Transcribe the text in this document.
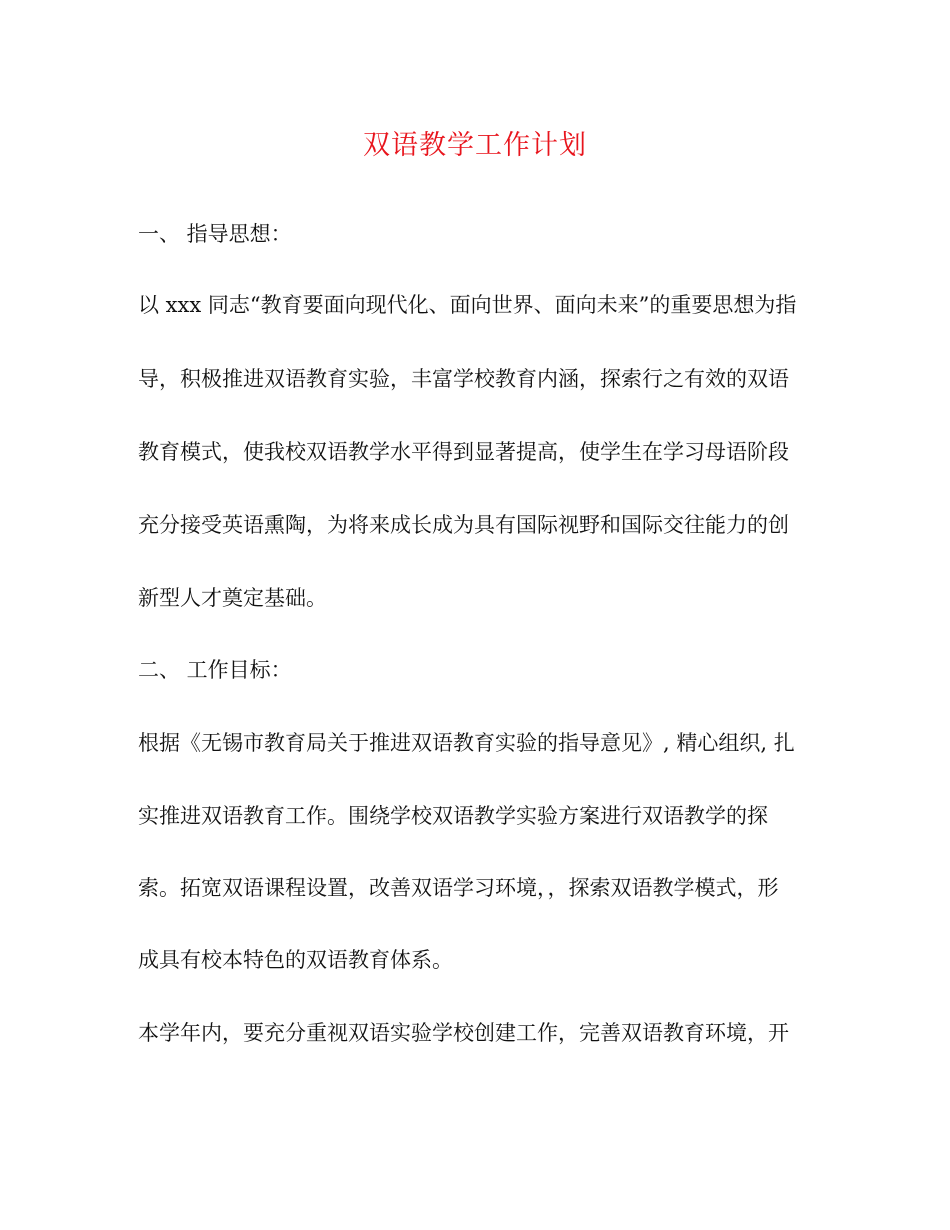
双语教学工作计划
一、 指导思想：
以 xxx 同志“教育要面向现代化、面向世界、面向未来”的重要思想为指
导，积极推进双语教育实验，丰富学校教育内涵，探索行之有效的双语
教育模式，使我校双语教学水平得到显著提高，使学生在学习母语阶段
充分接受英语熏陶，为将来成长成为具有国际视野和国际交往能力的创
新型人才奠定基础。
二、 工作目标：
根据《无锡市教育局关于推进双语教育实验的指导意见》, 精心组织, 扎
实推进双语教育工作。围绕学校双语教学实验方案进行双语教学的探
索。拓宽双语课程设置，改善双语学习环境，，探索双语教学模式，形
成具有校本特色的双语教育体系。
本学年内，要充分重视双语实验学校创建工作，完善双语教育环境，开
